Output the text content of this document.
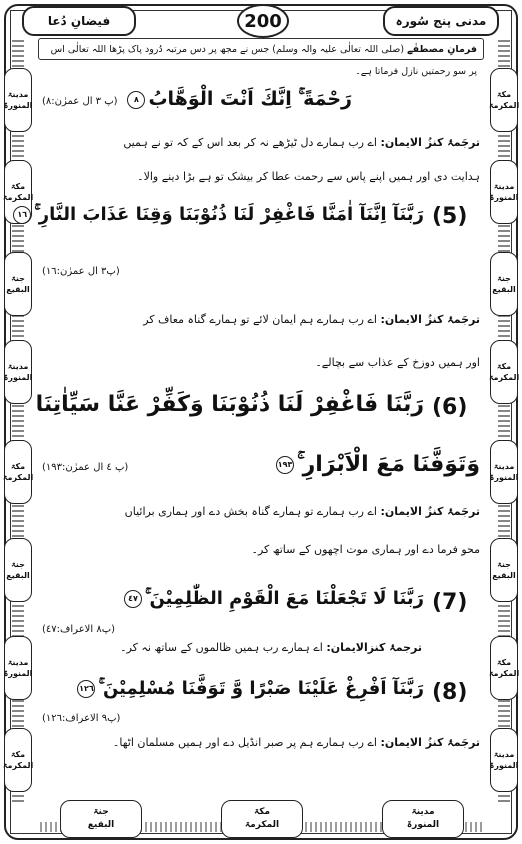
فیضانِ دُعا	200	مدنی پنج سُورہ
مدینۃ
المنورۃ
مکۃ
المکرمۃ
جنۃ
البقیع
مدینۃ
المنورۃ
مکۃ
المکرمۃ
جنۃ
البقیع
مدینۃ
المنورۃ
مکۃ
المکرمۃ
مکۃ
المکرمۃ
مدینۃ
المنورۃ
جنۃ
البقیع
مکۃ
المکرمۃ
مدینۃ
المنورۃ
جنۃ
البقیع
مکۃ
المکرمۃ
مدینۃ
المنورۃ
جنۃ
البقیع
مکۃ
المکرمۃ
مدینۃ
المنورۃ
فرمانِ مصطفٰے (صلی اللہ تعالٰی علیہ والہ وسلم) جس نے مجھ پر دس مرتبہ دُرود پاک پڑھا اللہ تعالٰی اس پر سو رحمتیں نازل فرماتا ہے۔
رَحْمَةً ۚ اِنَّكَ اَنْتَ الْوَهَّابُ٨
(پ ٣ ال عمرٰن:٨)
ترجَمۂ کنزُ الایمان: اے رب ہمارے دل ٹیڑھے نہ کر بعد اس کے کہ تو نے ہمیں
ہدایت دی اور ہمیں اپنے پاس سے رحمت عطا کر بیشک تو ہے بڑا دینے والا۔
(5)
رَبَّنَآ اِنَّنَآ اٰمَنَّا فَاغْفِرْ لَنَا ذُنُوْبَنَا وَقِنَا عَذَابَ النَّارِ ۚ١٦
(پ٣ ال عمرٰن:١٦)
ترجَمۂ کنزُ الایمان: اے رب ہمارے ہم ایمان لائے تو ہمارے گناہ معاف کر
اور ہمیں دوزخ کے عذاب سے بچالے۔
(6)
رَبَّنَا فَاغْفِرْ لَنَا ذُنُوْبَنَا وَكَفِّرْ عَنَّا سَيِّاٰتِنَا
وَتَوَفَّنَا مَعَ الْاَبْرَارِ ۚ١٩٣
(پ ٤ ال عمرٰن:١٩٣)
ترجَمۂ کنزُ الایمان: اے رب ہمارے تو ہمارے گناہ بخش دے اور ہماری برائیاں
محو فرما دے اور ہماری موت اچھوں کے ساتھ کر۔
(7)
رَبَّنَا لَا تَجْعَلْنَا مَعَ الْقَوْمِ الظّٰلِمِيْنَ ۚ٤٧
(پ٨ الاعراف:٤٧)
ترجمۂ کنزالایمان: اے ہمارے رب ہمیں ظالموں کے ساتھ نہ کر۔
(8)
رَبَّنَآ اَفْرِغْ عَلَيْنَا صَبْرًا وَّ تَوَفَّنَا مُسْلِمِيْنَ ۚ١٢٦
(پ٩ الاعراف:١٢٦)
ترجَمۂ کنزُ الایمان: اے رب ہمارے ہم پر صبر انڈیل دے اور ہمیں مسلمان اٹھا۔
